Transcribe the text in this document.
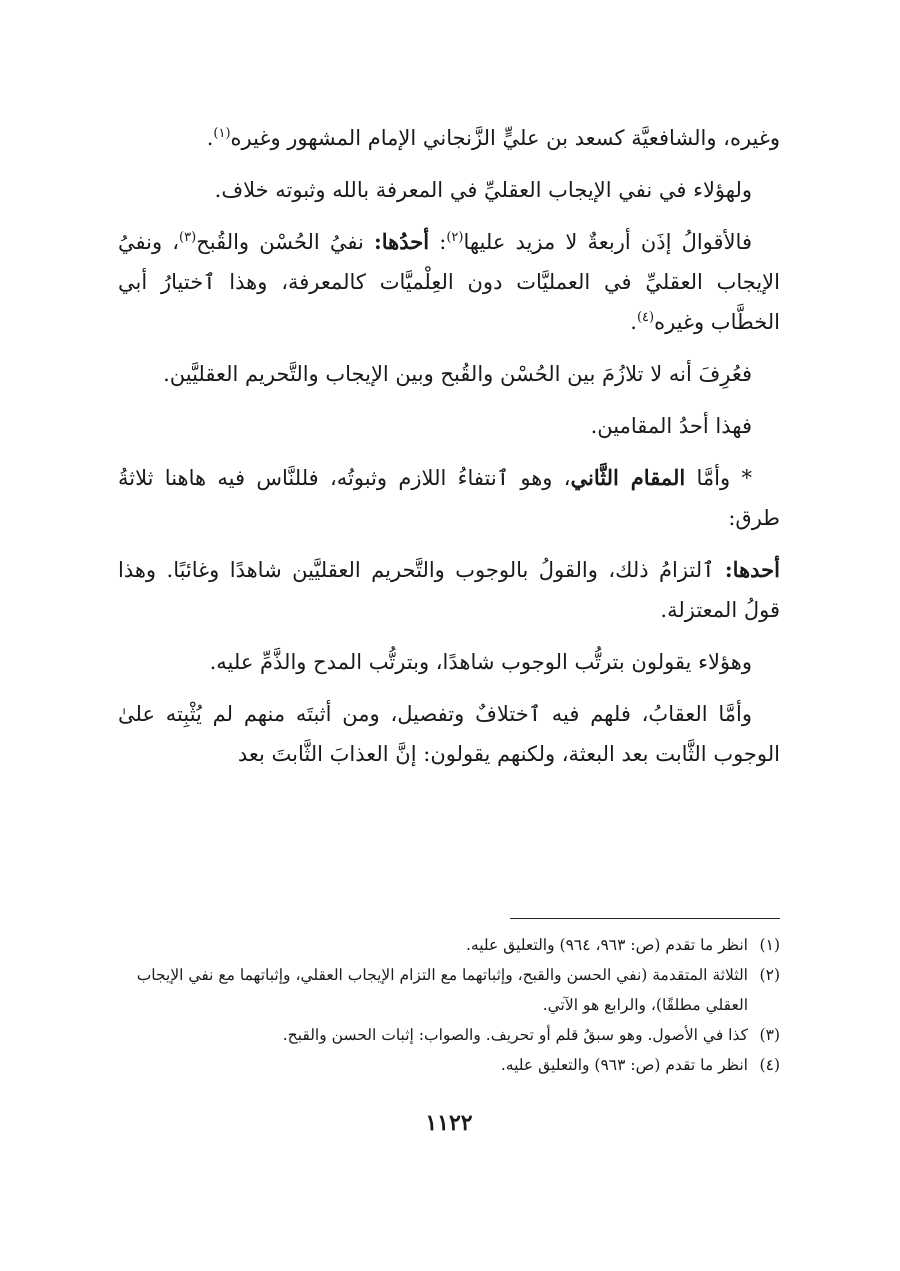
وغيره، والشافعيَّة كسعد بن عليٍّ الزَّنجاني الإمام المشهور وغيره$^{(١)}$.

ولهؤلاء في نفي الإيجاب العقليِّ في المعرفة بالله وثبوته خلاف.

فالأقوالُ إذَن أربعةٌ لا مزيد عليها$^{(٢)}$: أحدُها: نفيُ الحُسْن والقُبح$^{(٣)}$، ونفيُ الإيجاب العقليِّ في العمليَّات دون العِلْميَّات كالمعرفة، وهذا ٱختيارُ أبي الخطَّاب وغيره$^{(٤)}$.

فعُرِفَ أنه لا تلازُمَ بين الحُسْن والقُبح وبين الإيجاب والتَّحريم العقليَّين.

فهذا أحدُ المقامين.

* وأمَّا المقام الثَّاني، وهو ٱنتفاءُ اللازم وثبوتُه، فللنَّاس فيه هاهنا ثلاثةُ طرق:

أحدها: ٱلتزامُ ذلك، والقولُ بالوجوب والتَّحريم العقليَّين شاهدًا وغائبًا. وهذا قولُ المعتزلة.

وهؤلاء يقولون بترتُّب الوجوب شاهدًا، وبترتُّب المدح والذَّمِّ عليه.

وأمَّا العقابُ، فلهم فيه ٱختلافٌ وتفصيل، ومن أثبتَه منهم لم يُثْبِته علىٰ الوجوب الثَّابت بعد البعثة، ولكنهم يقولون: إنَّ العذابَ الثَّابتَ بعد

(١)
انظر ما تقدم (ص: ٩٦٣، ٩٦٤) والتعليق عليه.
(٢)
الثلاثة المتقدمة (نفي الحسن والقبح، وإثباتهما مع التزام الإيجاب العقلي، وإثباتهما مع نفي الإيجاب العقلي مطلقًا)، والرابع هو الآتي.
(٣)
كذا في الأصول. وهو سبقُ قلم أو تحريف. والصواب: إثبات الحسن والقبح.
(٤)
انظر ما تقدم (ص: ٩٦٣) والتعليق عليه.
١١٢٢
